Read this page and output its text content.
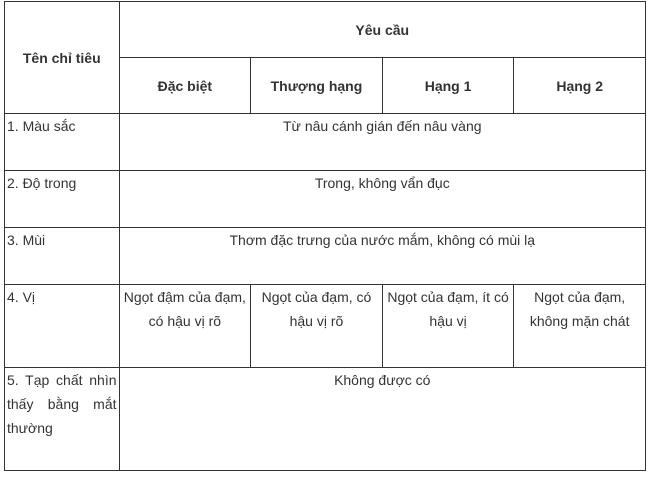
Tên chỉ tiêu	Yêu cầu			
	Đặc biệt	Thượng hạng	Hạng 1	Hạng 2
1. Màu sắc	Từ nâu cánh gián đến nâu vàng			
2. Độ trong	Trong, không vẩn đục			
3. Mùi	Thơm đặc trưng của nước mắm, không có mùi lạ			
4. Vị	Ngọt đậm của đạm, có hậu vị rõ	Ngọt của đạm, có hậu vị rõ	Ngọt của đạm, ít có hậu vị	Ngọt của đạm, không mặn chát
5. Tạp chất nhìn thấy bằng mắt thường	Không được có			
